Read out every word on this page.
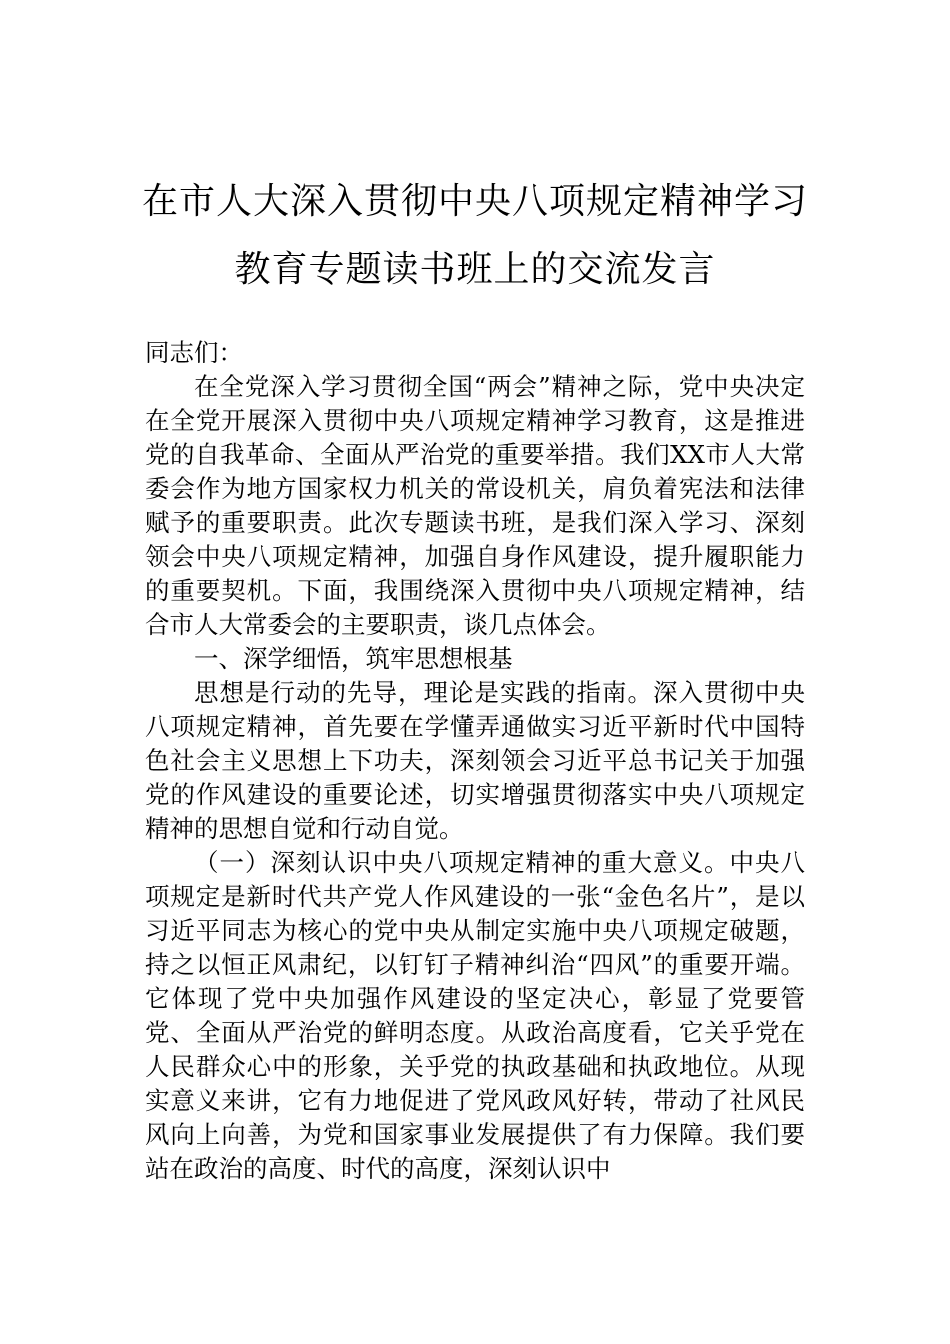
在市人大深入贯彻中央八项规定精神学习
教育专题读书班上的交流发言

同志们：

在全党深入学习贯彻全国“两会”精神之际，党中央决定在全党开展深入贯彻中央八项规定精神学习教育，这是推进党的自我革命、全面从严治党的重要举措。我们XX市人大常委会作为地方国家权力机关的常设机关，肩负着宪法和法律赋予的重要职责。此次专题读书班，是我们深入学习、深刻领会中央八项规定精神，加强自身作风建设，提升履职能力的重要契机。下面，我围绕深入贯彻中央八项规定精神，结合市人大常委会的主要职责，谈几点体会。

一、深学细悟，筑牢思想根基

思想是行动的先导，理论是实践的指南。深入贯彻中央八项规定精神，首先要在学懂弄通做实习近平新时代中国特色社会主义思想上下功夫，深刻领会习近平总书记关于加强党的作风建设的重要论述，切实增强贯彻落实中央八项规定精神的思想自觉和行动自觉。

（一）深刻认识中央八项规定精神的重大意义。中央八项规定是新时代共产党人作风建设的一张“金色名片”，是以习近平同志为核心的党中央从制定实施中央八项规定破题，持之以恒正风肃纪，以钉钉子精神纠治“四风”的重要开端。它体现了党中央加强作风建设的坚定决心，彰显了党要管党、全面从严治党的鲜明态度。从政治高度看，它关乎党在人民群众心中的形象，关乎党的执政基础和执政地位。从现实意义来讲，它有力地促进了党风政风好转，带动了社风民风向上向善，为党和国家事业发展提供了有力保障。我们要站在政治的高度、时代的高度，深刻认识中
